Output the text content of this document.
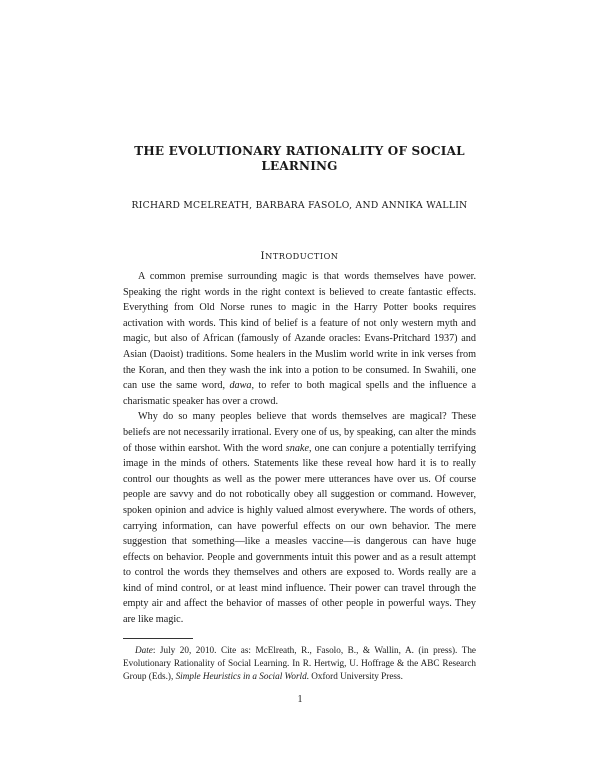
THE EVOLUTIONARY RATIONALITY OF SOCIAL
LEARNING
RICHARD MCELREATH, BARBARA FASOLO, AND ANNIKA WALLIN
INTRODUCTION

A common premise surrounding magic is that words themselves have power. Speaking the right words in the right context is believed to create fantastic effects. Everything from Old Norse runes to magic in the Harry Potter books requires activation with words. This kind of belief is a feature of not only western myth and magic, but also of African (famously of Azande oracles: Evans-Pritchard 1937) and Asian (Daoist) traditions. Some healers in the Muslim world write in ink verses from the Koran, and then they wash the ink into a potion to be consumed. In Swahili, one can use the same word, dawa, to refer to both magical spells and the influence a charismatic speaker has over a crowd.

Why do so many peoples believe that words themselves are magical? These beliefs are not necessarily irrational. Every one of us, by speaking, can alter the minds of those within earshot. With the word snake, one can conjure a potentially terrifying image in the minds of others. Statements like these reveal how hard it is to really control our thoughts as well as the power mere utterances have over us. Of course people are savvy and do not robotically obey all suggestion or command. However, spoken opinion and advice is highly valued almost everywhere. The words of others, carrying information, can have powerful effects on our own behavior. The mere suggestion that something—like a measles vaccine—is dangerous can have huge effects on behavior. People and governments intuit this power and as a result attempt to control the words they themselves and others are exposed to. Words really are a kind of mind control, or at least mind influence. Their power can travel through the empty air and affect the behavior of masses of other people in powerful ways. They are like magic.

Date: July 20, 2010. Cite as: McElreath, R., Fasolo, B., & Wallin, A. (in press). The Evolutionary Rationality of Social Learning. In R. Hertwig, U. Hoffrage & the ABC Research Group (Eds.), Simple Heuristics in a Social World. Oxford University Press.
1
